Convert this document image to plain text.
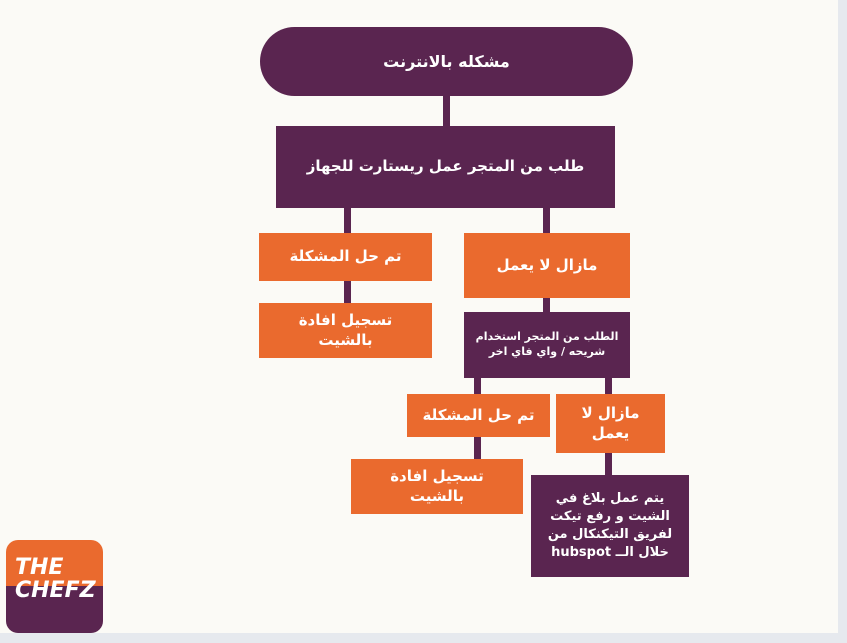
مشكله بالانترنت
طلب من المتجر عمل ريستارت للجهاز
تم حل المشكلة
تسجيل افادة بالشيت
مازال لا يعمل
الطلب من المتجر استخدام شريحه / واي فاي اخر
تم حل المشكلة
تسجيل افادة بالشيت
مازال لا يعمل
يتم عمل بلاغ في الشيت و رفع تيكت لفريق التيكنكال من خلال الــ hubspot

THE
CHEFZ
